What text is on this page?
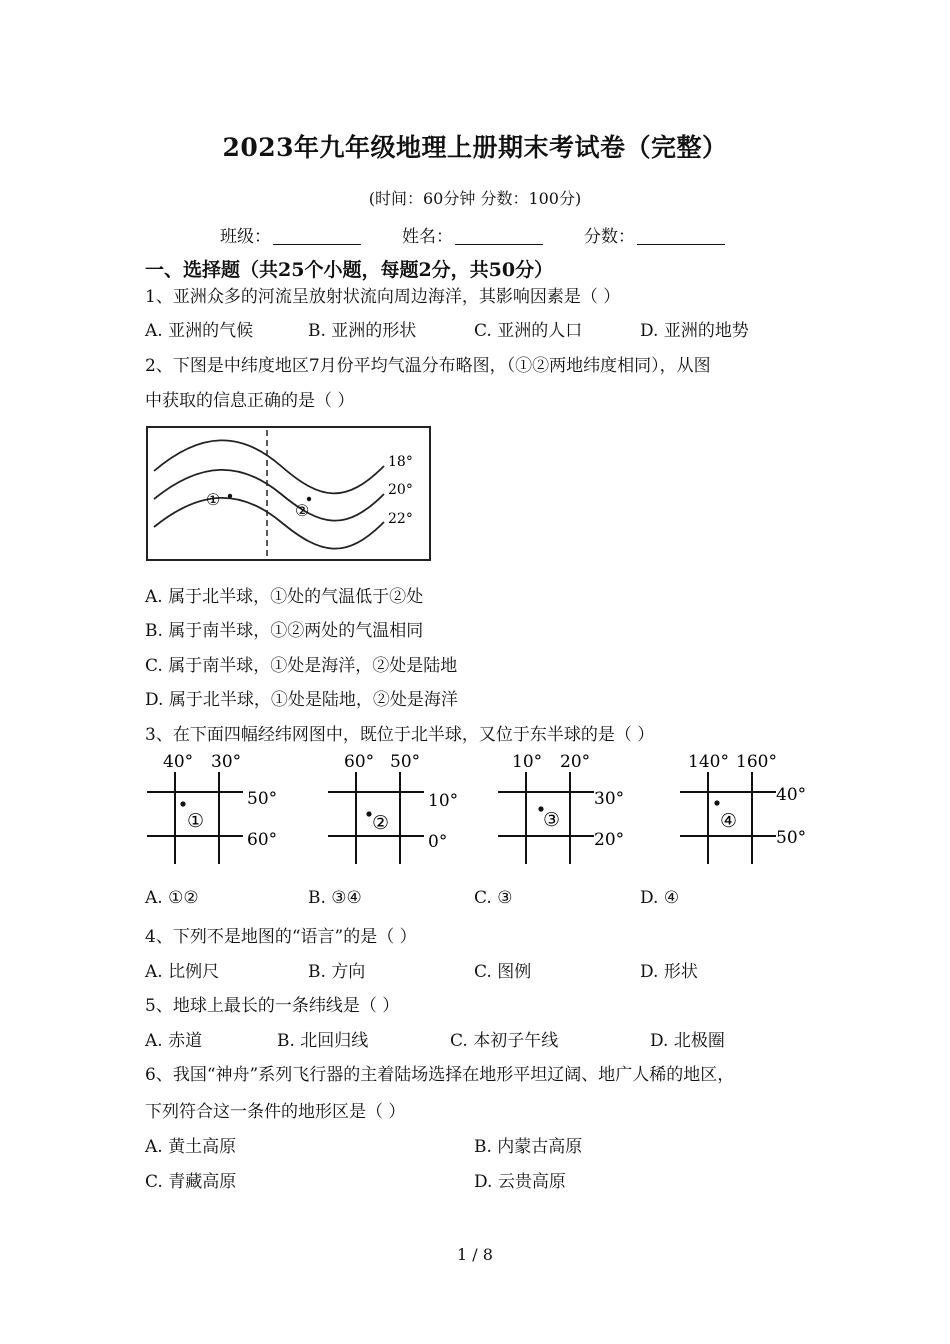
2023年九年级地理上册期末考试卷（完整）
(时间：60分钟 分数：100分)
班级：	姓名：	分数：
一、选择题（共25个小题，每题2分，共50分）
1、亚洲众多的河流呈放射状流向周边海洋，其影响因素是（ ）
A. 亚洲的气候	B. 亚洲的形状	C. 亚洲的人口	D. 亚洲的地势
2、下图是中纬度地区7月份平均气温分布略图，（①②两地纬度相同），从图
中获取的信息正确的是（ ）
18°
20°
22°
①
②
A. 属于北半球，①处的气温低于②处
B. 属于南半球，①②两处的气温相同
C. 属于南半球，①处是海洋，②处是陆地
D. 属于北半球，①处是陆地，②处是海洋
3、在下面四幅经纬网图中，既位于北半球，又位于东半球的是（ ）
40° 30°
50°
60°
①
60° 50°
10°
0°
②
10° 20°
30°
20°
③
140° 160°
40°
50°
④
A. ①②	B. ③④	C. ③	D. ④
4、下列不是地图的“语言”的是（ ）
A. 比例尺	B. 方向	C. 图例	D. 形状
5、地球上最长的一条纬线是（ ）
A. 赤道	B. 北回归线	C. 本初子午线	D. 北极圈
6、我国“神舟”系列飞行器的主着陆场选择在地形平坦辽阔、地广人稀的地区，
下列符合这一条件的地形区是（ ）
A. 黄土高原	B. 内蒙古高原
C. 青藏高原	D. 云贵高原
1 / 8
